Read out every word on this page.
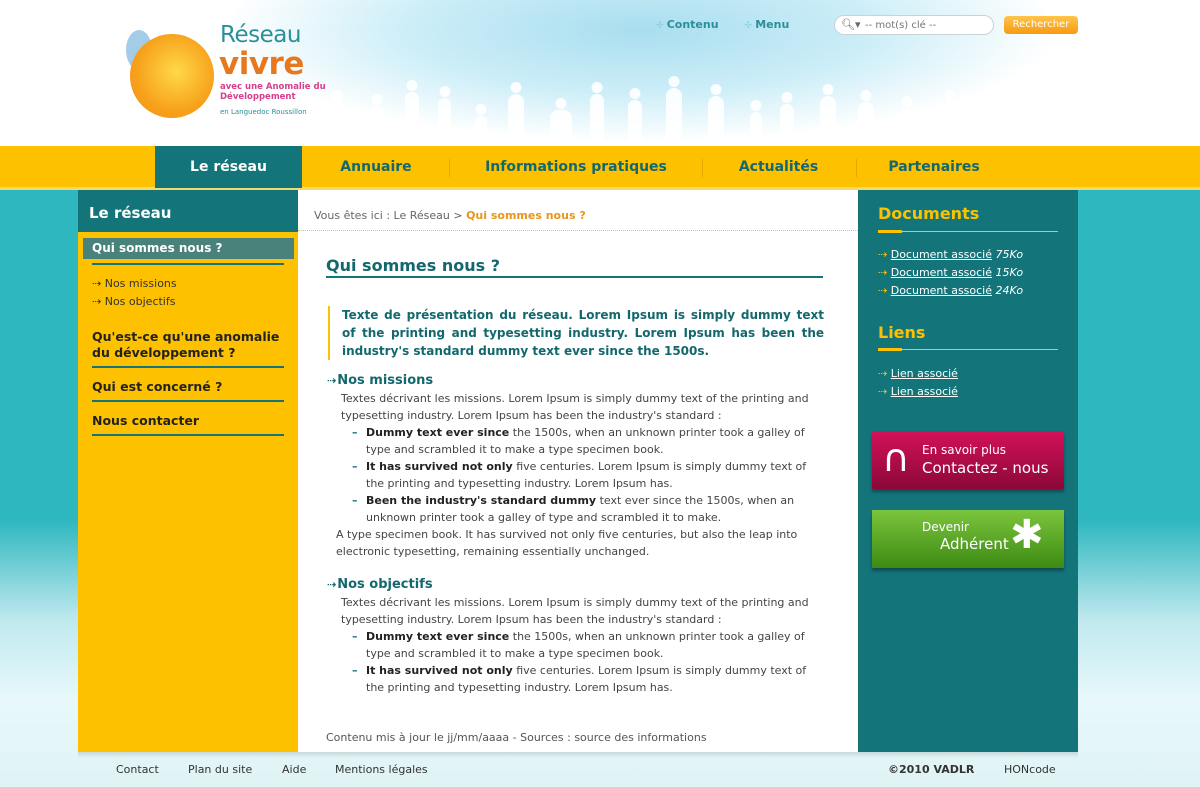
Réseau
vivre
avec une Anomalie du Développement
en Languedoc Roussillon
✣ Contenu✣	Menu	🔍︎▾
-- mot(s) clé --	Rechercher
Le réseau	Annuaire	Informations pratiques	Actualités	Partenaires
Le réseau
Qui sommes nous ?
⇢ Nos missions
⇢ Nos objectifs
Qu'est-ce qu'une anomalie du développement ?
Qui est concerné ?
Nous contacter
Vous êtes ici : Le Réseau > Qui sommes nous ?
Qui sommes nous ?
Texte de présentation du réseau. Lorem Ipsum is simply dummy text of the printing and typesetting industry. Lorem Ipsum has been the industry's standard dummy text ever since the 1500s.
⇢ Nos missions
Textes décrivant les missions. Lorem Ipsum is simply dummy text of the printing and typesetting industry. Lorem Ipsum has been the industry's standard :
– Dummy text ever since the 1500s, when an unknown printer took a galley of type and scrambled it to make a type specimen book.
– It has survived not only five centuries. Lorem Ipsum is simply dummy text of the printing and typesetting industry. Lorem Ipsum has.
– Been the industry's standard dummy text ever since the 1500s, when an unknown printer took a galley of type and scrambled it to make.
A type specimen book. It has survived not only five centuries, but also the leap into electronic typesetting, remaining essentially unchanged.
⇢ Nos objectifs
Textes décrivant les missions. Lorem Ipsum is simply dummy text of the printing and typesetting industry. Lorem Ipsum has been the industry's standard :
– Dummy text ever since the 1500s, when an unknown printer took a galley of type and scrambled it to make a type specimen book.
– It has survived not only five centuries. Lorem Ipsum is simply dummy text of the printing and typesetting industry. Lorem Ipsum has.
Contenu mis à jour le jj/mm/aaaa - Sources : source des informations
Documents
⇢ Document associé 75Ko
⇢ Document associé 15Ko
⇢ Document associé 24Ko
Liens
⇢ Lien associé
⇢ Lien associé
∩ En savoir plus
Contactez - nous
✱
Devenir
Adhérent
Contact	Plan du site	Aide	Mentions légales	©2010 VADLR	HONcode
